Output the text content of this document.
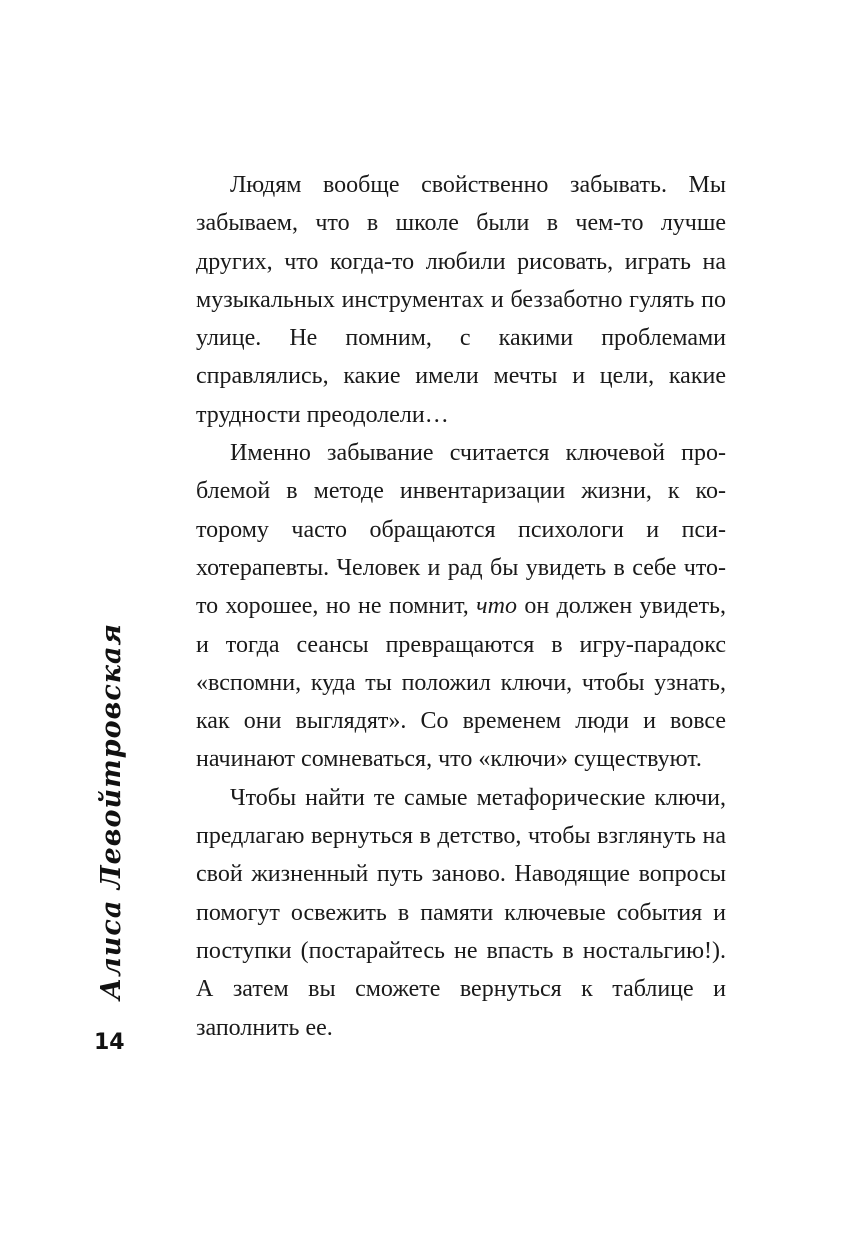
Алиса Левойтровская
14

Людям вообще свойственно забывать. Мы забываем, что в школе были в чем-то лучше других, что когда-то любили рисовать, играть на музыкальных инструментах и беззаботно гулять по улице. Не помним, с какими проблемами справлялись, какие имели мечты и цели, какие трудности преодолели…

Именно забывание считается ключевой проблемой в методе инвентаризации жизни, к которому часто обращаются психологи и психотерапевты. Человек и рад бы увидеть в себе что-то хорошее, но не помнит, что он должен увидеть, и тогда сеансы превращаются в игру-парадокс «вспомни, куда ты положил ключи, чтобы узнать, как они выглядят». Со временем люди и вовсе начинают сомневаться, что «ключи» существуют.

Чтобы найти те самые метафорические ключи, предлагаю вернуться в детство, чтобы взглянуть на свой жизненный путь заново. Наводящие вопросы помогут освежить в памяти ключевые события и поступки (постарайтесь не впасть в ностальгию!). А затем вы сможете вернуться к таблице и заполнить ее.
